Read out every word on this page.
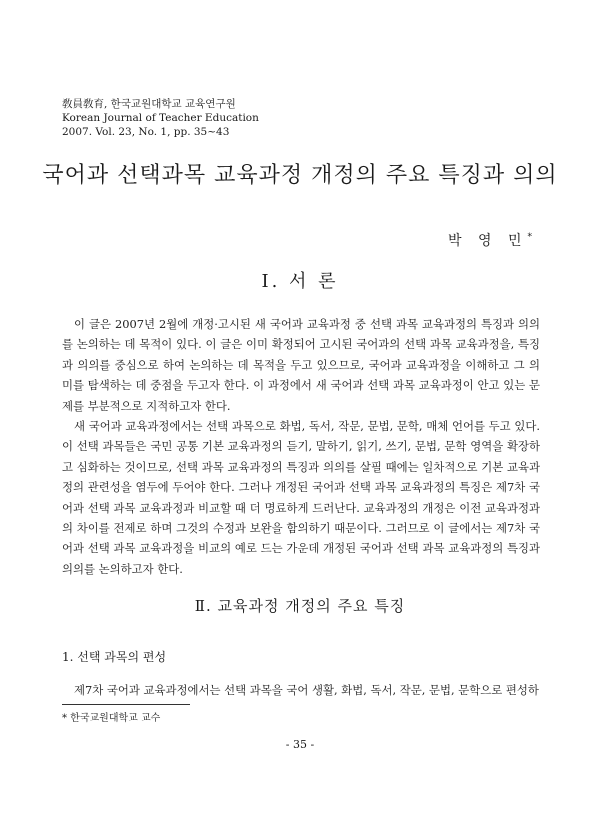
敎員敎育, 한국교원대학교 교육연구원
Korean Journal of Teacher Education
2007. Vol. 23, No. 1, pp. 35~43
국어과 선택과목 교육과정 개정의 주요 특징과 의의
박 영 민*
Ⅰ. 서 론

이 글은 2007년 2월에 개정·고시된 새 국어과 교육과정 중 선택 과목 교육과정의 특징과 의의를 논의하는 데 목적이 있다. 이 글은 이미 확정되어 고시된 국어과의 선택 과목 교육과정을, 특징과 의의를 중심으로 하여 논의하는 데 목적을 두고 있으므로, 국어과 교육과정을 이해하고 그 의미를 탐색하는 데 중점을 두고자 한다. 이 과정에서 새 국어과 선택 과목 교육과정이 안고 있는 문제를 부분적으로 지적하고자 한다.

새 국어과 교육과정에서는 선택 과목으로 화법, 독서, 작문, 문법, 문학, 매체 언어를 두고 있다. 이 선택 과목들은 국민 공통 기본 교육과정의 듣기, 말하기, 읽기, 쓰기, 문법, 문학 영역을 확장하고 심화하는 것이므로, 선택 과목 교육과정의 특징과 의의를 살필 때에는 일차적으로 기본 교육과정의 관련성을 염두에 두어야 한다. 그러나 개정된 국어과 선택 과목 교육과정의 특징은 제7차 국어과 선택 과목 교육과정과 비교할 때 더 명료하게 드러난다. 교육과정의 개정은 이전 교육과정과의 차이를 전제로 하며 그것의 수정과 보완을 함의하기 때문이다. 그러므로 이 글에서는 제7차 국어과 선택 과목 교육과정을 비교의 예로 드는 가운데 개정된 국어과 선택 과목 교육과정의 특징과 의의를 논의하고자 한다.

Ⅱ. 교육과정 개정의 주요 특징
1. 선택 과목의 편성

제7차 국어과 교육과정에서는 선택 과목을 국어 생활, 화법, 독서, 작문, 문법, 문학으로 편성하

* 한국교원대학교 교수
- 35 -
